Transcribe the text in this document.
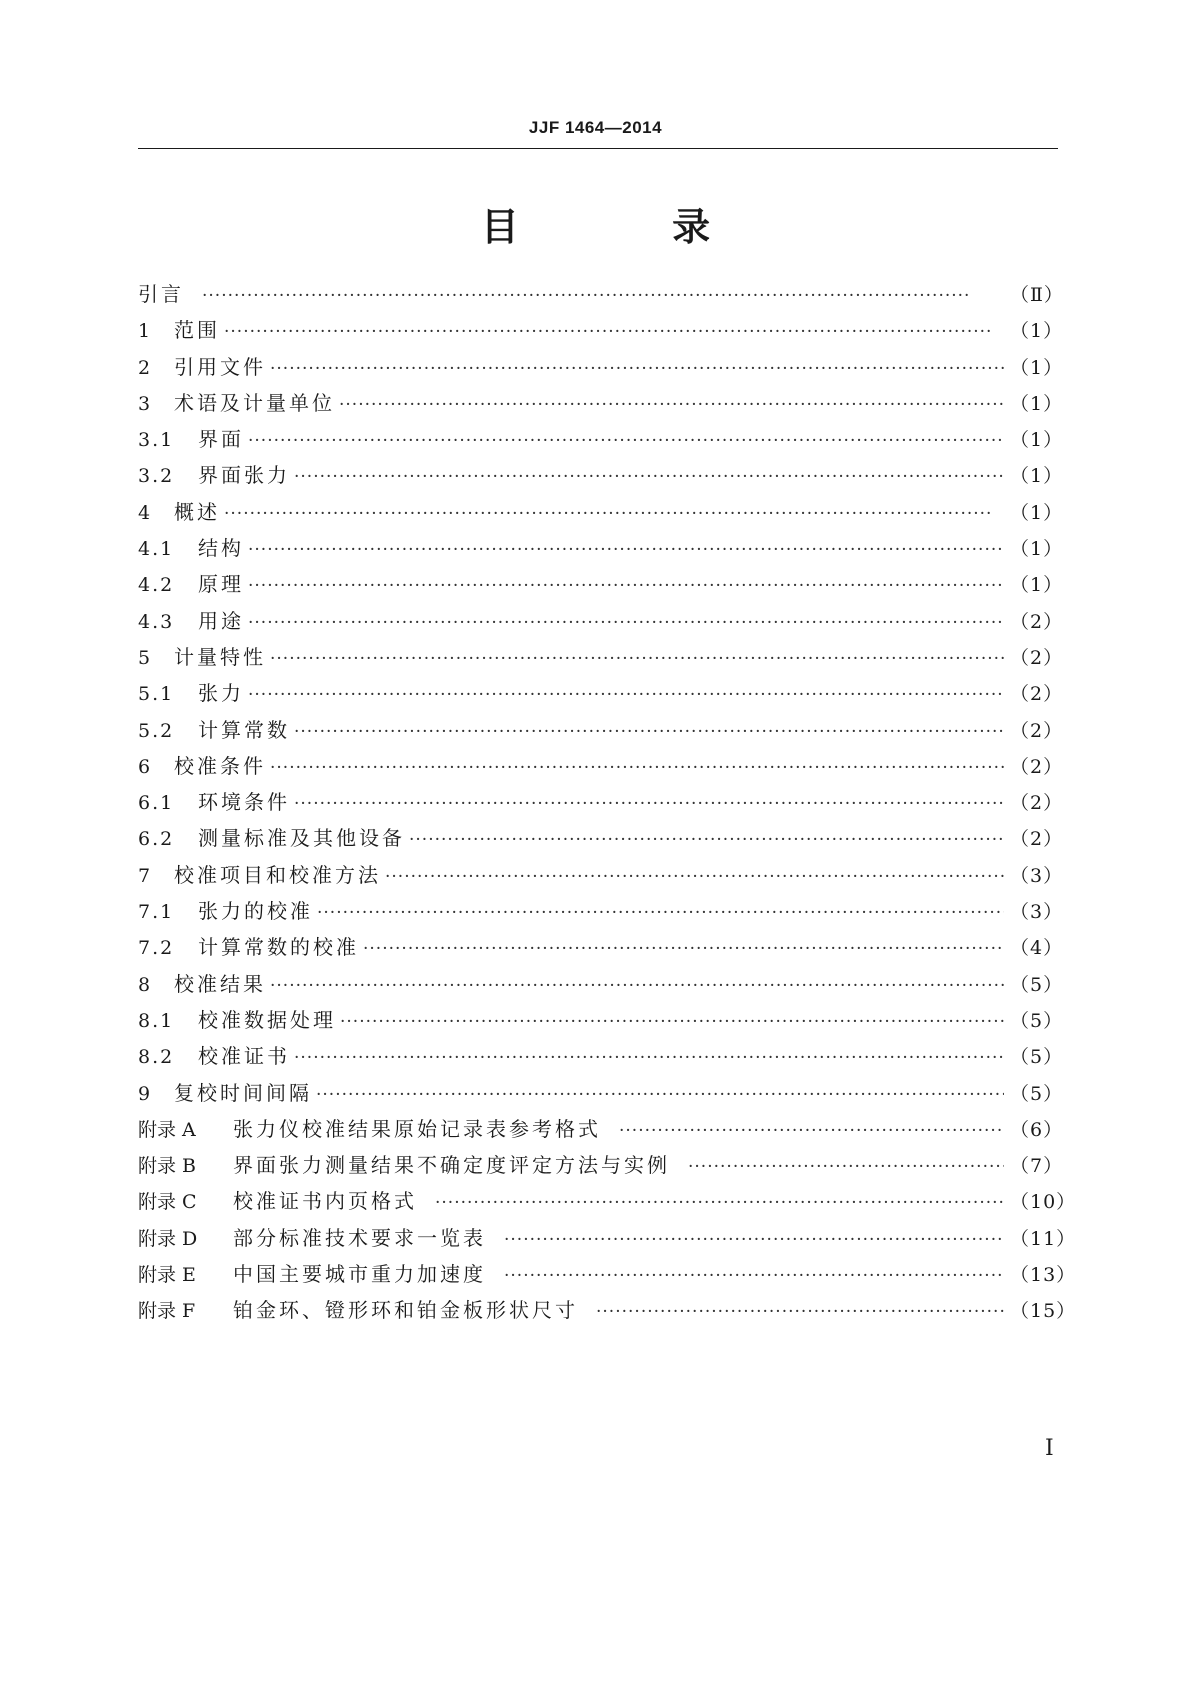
JJF 1464—2014
目 录
引言 ·····	（Ⅱ）
1	范围 ·····	（1）
2	引用文件 ·····	（1）
3	术语及计量单位 ·····	（1）
3.1	界面 ·····	（1）
3.2	界面张力 ·····	（1）
4	概述 ·····	（1）
4.1	结构 ·····	（1）
4.2	原理 ·····	（1）
4.3	用途 ·····	（2）
5	计量特性 ·····	（2）
5.1	张力 ·····	（2）
5.2	计算常数 ·····	（2）
6	校准条件 ·····	（2）
6.1	环境条件 ·····	（2）
6.2	测量标准及其他设备 ·····	（2）
7	校准项目和校准方法 ·····	（3）
7.1	张力的校准 ·····	（3）
7.2	计算常数的校准 ·····	（4）
8	校准结果 ·····	（5）
8.1	校准数据处理 ·····	（5）
8.2	校准证书 ·····	（5）
9	复校时间间隔 ·····	（5）
附录 A	张力仪校准结果原始记录表参考格式 ·····	（6）
附录 B	界面张力测量结果不确定度评定方法与实例 ·····	（7）
附录 C	校准证书内页格式 ·····	（10）
附录 D	部分标准技术要求一览表 ·····	（11）
附录 E	中国主要城市重力加速度 ·····	（13）
附录 F	铂金环、镫形环和铂金板形状尺寸 ·····	（15）
Ⅰ
